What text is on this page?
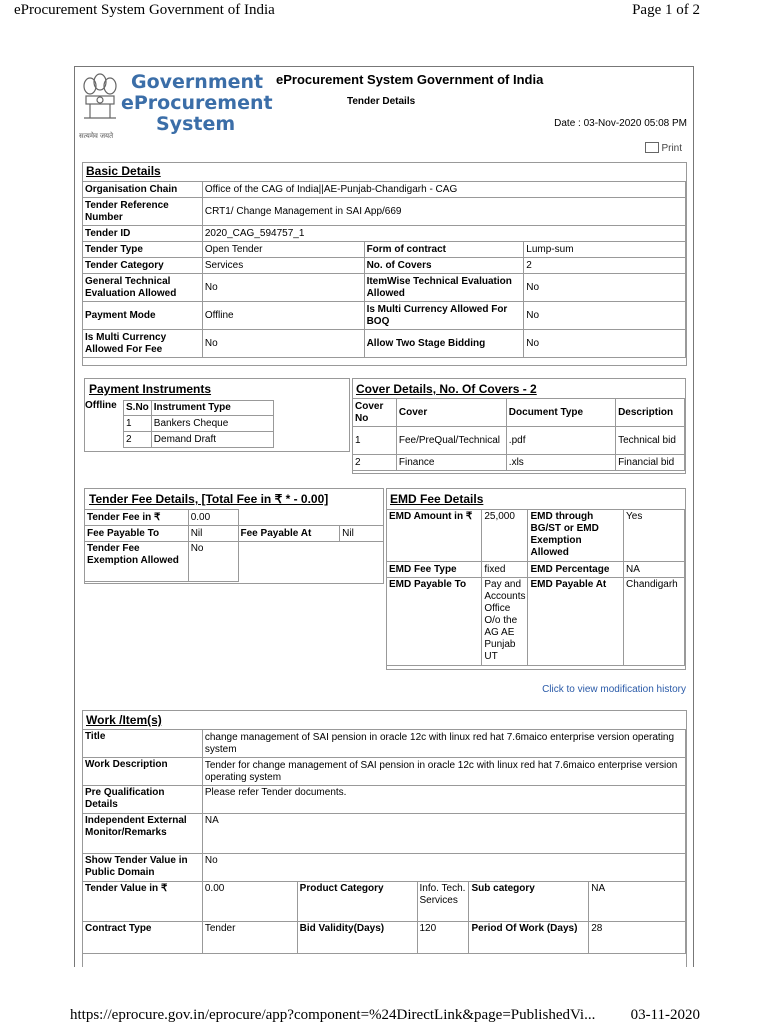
eProcurement System Government of India	Page 1 of 2
सत्यमेव जयते
Government
eProcurement
System
eProcurement System Government of India
Tender Details
Date : 03-Nov-2020 05:08 PM
Print
Basic Details
Organisation Chain	Office of the CAG of India||AE-Punjab-Chandigarh - CAG		
Tender Reference Number	CRT1/ Change Management in SAI App/669		
Tender ID	2020_CAG_594757_1		
Tender Type	Open Tender	Form of contract	Lump-sum
Tender Category	Services	No. of Covers	2
General Technical Evaluation Allowed	No	ItemWise Technical Evaluation Allowed	No
Payment Mode	Offline	Is Multi Currency Allowed For BOQ	No
Is Multi Currency Allowed For Fee	No	Allow Two Stage Bidding	No
Payment Instruments
Offline S.No	Instrument Type
1	Bankers Cheque
2	Demand Draft
Cover Details, No. Of Covers - 2
Cover No	Cover	Document Type	Description
1	Fee/PreQual/Technical	.pdf	Technical bid
2	Finance	.xls	Financial bid
Tender Fee Details, [Total Fee in ₹ * - 0.00]
Tender Fee in ₹	0.00		
Fee Payable To	Nil	Fee Payable At	Nil
Tender Fee Exemption Allowed	No		
EMD Fee Details
EMD Amount in ₹	25,000	EMD through BG/ST or EMD Exemption Allowed	Yes
EMD Fee Type	fixed	EMD Percentage	NA
EMD Payable To	Pay and Accounts Office O/o the AG AE Punjab UT	EMD Payable At	Chandigarh
Click to view modification history
Work /Item(s)
Title	change management of SAI pension in oracle 12c with linux red hat 7.6maico enterprise version operating system				
Work Description	Tender for change management of SAI pension in oracle 12c with linux red hat 7.6maico enterprise version operating system				
Pre Qualification Details	Please refer Tender documents.				
Independent External Monitor/Remarks	NA				
Show Tender Value in Public Domain	No				
Tender Value in ₹	0.00	Product Category	Info. Tech. Services	Sub category	NA
Contract Type	Tender	Bid Validity(Days)	120	Period Of Work (Days)	28
https://eprocure.gov.in/eprocure/app?component=%24DirectLink&page=PublishedVi... 03-11-2020
